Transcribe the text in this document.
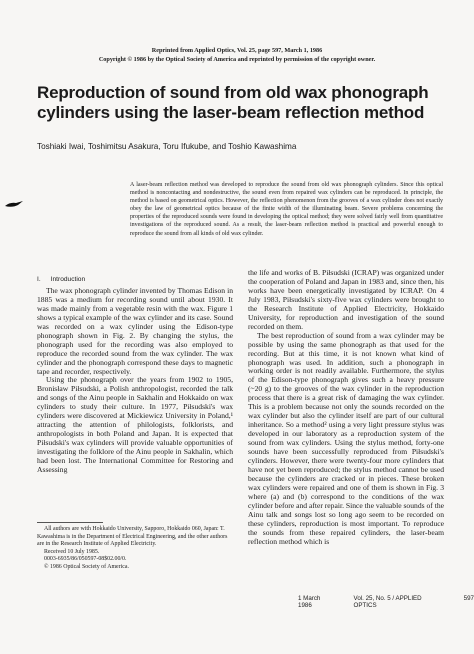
Reprinted from Applied Optics, Vol. 25, page 597, March 1, 1986
Copyright © 1986 by the Optical Society of America and reprinted by permission of the copyright owner.
Reproduction of sound from old wax phonograph cylinders using the laser-beam reflection method
Toshiaki Iwai, Toshimitsu Asakura, Toru Ifukube, and Toshio Kawashima
A laser-beam reflection method was developed to reproduce the sound from old wax phonograph cylinders. Since this optical method is noncontacting and nondestructive, the sound even from repaired wax cylinders can be reproduced. In principle, the method is based on geometrical optics. However, the reflection phenomenon from the grooves of a wax cylinder does not exactly obey the law of geometrical optics because of the finite width of the illuminating beam. Severe problems concerning the properties of the reproduced sounds were found in developing the optical method; they were solved fairly well from quantitative investigations of the reproduced sound. As a result, the laser-beam reflection method is practical and powerful enough to reproduce the sound from all kinds of old wax cylinder.
I. Introduction

The wax phonograph cylinder invented by Thomas Edison in 1885 was a medium for recording sound until about 1930. It was made mainly from a vegetable resin with the wax. Figure 1 shows a typical example of the wax cylinder and its case. Sound was recorded on a wax cylinder using the Edison-type phonograph shown in Fig. 2. By changing the stylus, the phonograph used for the recording was also employed to reproduce the recorded sound from the wax cylinder. The wax cylinder and the phonograph correspond these days to magnetic tape and recorder, respectively.

Using the phonograph over the years from 1902 to 1905, Bronisław Piłsudski, a Polish anthropologist, recorded the talk and songs of the Ainu people in Sakhalin and Hokkaido on wax cylinders to study their culture. In 1977, Piłsudski's wax cylinders were discovered at Mickiewicz University in Poland,¹ attracting the attention of philologists, folklorists, and anthropologists in both Poland and Japan. It is expected that Piłsudski's wax cylinders will provide valuable opportunities of investigating the folklore of the Ainu people in Sakhalin, which had been lost. The International Committee for Restoring and Assessing

All authors are with Hokkaido University, Sapporo, Hokkaido 060, Japan: T. Kawashima is in the Department of Electrical Engineering, and the other authors are in the Research Institute of Applied Electricity.
Received 10 July 1985.
0003-6935/86/050597-08$02.00/0.
© 1986 Optical Society of America.

the life and works of B. Piłsudski (ICRAP) was organized under the cooperation of Poland and Japan in 1983 and, since then, his works have been energetically investigated by ICRAP. On 4 July 1983, Piłsudski's sixty-five wax cylinders were brought to the Research Institute of Applied Electricity, Hokkaido University, for reproduction and investigation of the sound recorded on them.

The best reproduction of sound from a wax cylinder may be possible by using the same phonograph as that used for the recording. But at this time, it is not known what kind of phonograph was used. In addition, such a phonograph in working order is not readily available. Furthermore, the stylus of the Edison-type phonograph gives such a heavy pressure (~20 g) to the grooves of the wax cylinder in the reproduction process that there is a great risk of damaging the wax cylinder. This is a problem because not only the sounds recorded on the wax cylinder but also the cylinder itself are part of our cultural inheritance. So a method² using a very light pressure stylus was developed in our laboratory as a reproduction system of the sound from wax cylinders. Using the stylus method, forty-one sounds have been successfully reproduced from Piłsudski's cylinders. However, there were twenty-four more cylinders that have not yet been reproduced; the stylus method cannot be used because the cylinders are cracked or in pieces. These broken wax cylinders were repaired and one of them is shown in Fig. 3 where (a) and (b) correspond to the conditions of the wax cylinder before and after repair. Since the valuable sounds of the Ainu talk and songs lost so long ago seem to be recorded on these cylinders, reproduction is most important. To reproduce the sounds from these repaired cylinders, the laser-beam reflection method which is

1 March 1986
Vol. 25, No. 5 / APPLIED OPTICS
597
